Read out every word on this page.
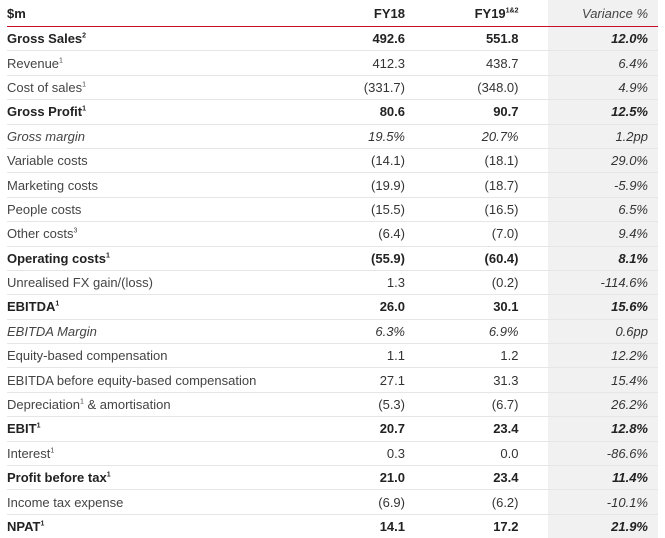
$m	FY18	$FY19^{1\&2}$	Variance %
Gross Sales$^2$	492.6	551.8	12.0%
Revenue$^1$	412.3	438.7	6.4%
Cost of sales$^1$	(331.7)	(348.0)	4.9%
Gross Profit$^1$	80.6	90.7	12.5%
Gross margin	19.5%	20.7%	1.2pp
Variable costs	(14.1)	(18.1)	29.0%
Marketing costs	(19.9)	(18.7)	-5.9%
People costs	(15.5)	(16.5)	6.5%
Other costs$^3$	(6.4)	(7.0)	9.4%
Operating costs$^1$	(55.9)	(60.4)	8.1%
Unrealised FX gain/(loss)	1.3	(0.2)	-114.6%
EBITDA$^1$	26.0	30.1	15.6%
EBITDA Margin	6.3%	6.9%	0.6pp
Equity-based compensation	1.1	1.2	12.2%
EBITDA before equity-based compensation	27.1	31.3	15.4%
Depreciation$^1$ & amortisation	(5.3)	(6.7)	26.2%
EBIT$^1$	20.7	23.4	12.8%
Interest$^1$	0.3	0.0	-86.6%
Profit before tax$^1$	21.0	23.4	11.4%
Income tax expense	(6.9)	(6.2)	-10.1%
NPAT$^1$	14.1	17.2	21.9%
